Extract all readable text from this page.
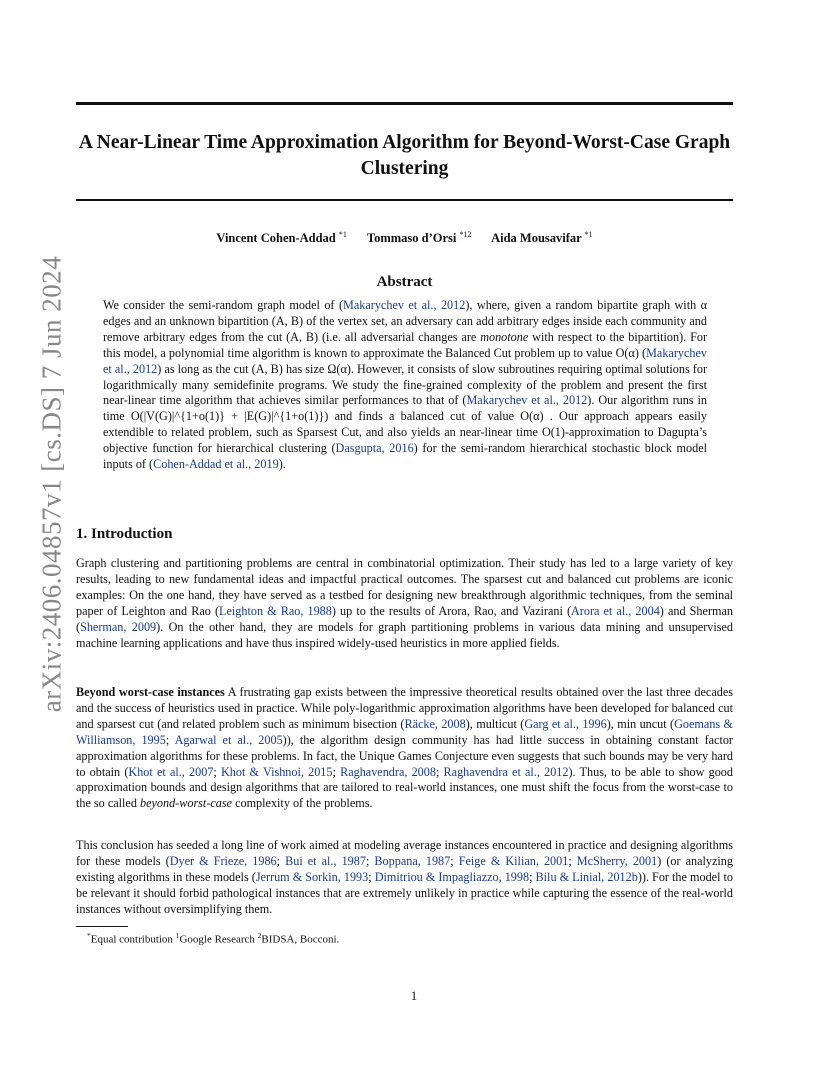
arXiv:2406.04857v1 [cs.DS] 7 Jun 2024
A Near-Linear Time Approximation Algorithm for Beyond-Worst-Case Graph
Clustering
Vincent Cohen-Addad $^{*1}$ Tommaso d’Orsi $^{*12}$ Aida Mousavifar $^{*1}$
Abstract
We consider the semi-random graph model of (Makarychev et al., 2012), where, given a random bipartite graph with α edges and an unknown bipartition (A, B) of the vertex set, an adversary can add arbitrary edges inside each community and remove arbitrary edges from the cut (A, B) (i.e. all adversarial changes are monotone with respect to the bipartition). For this model, a polynomial time algorithm is known to approximate the Balanced Cut problem up to value O(α) (Makarychev et al., 2012) as long as the cut (A, B) has size Ω(α). However, it consists of slow subroutines requiring optimal solutions for logarithmically many semidefinite programs. We study the fine-grained complexity of the problem and present the first near-linear time algorithm that achieves similar performances to that of (Makarychev et al., 2012). Our algorithm runs in time O(|V(G)|^{1+o(1)} + |E(G)|^{1+o(1)}) and finds a balanced cut of value O(α) . Our approach appears easily extendible to related problem, such as Sparsest Cut, and also yields an near-linear time O(1)-approximation to Dagupta’s objective function for hierarchical clustering (Dasgupta, 2016) for the semi-random hierarchical stochastic block model inputs of (Cohen-Addad et al., 2019).
1. Introduction
Graph clustering and partitioning problems are central in combinatorial optimization. Their study has led to a large variety of key results, leading to new fundamental ideas and impactful practical outcomes. The sparsest cut and balanced cut problems are iconic examples: On the one hand, they have served as a testbed for designing new breakthrough algorithmic techniques, from the seminal paper of Leighton and Rao (Leighton & Rao, 1988) up to the results of Arora, Rao, and Vazirani (Arora et al., 2004) and Sherman (Sherman, 2009). On the other hand, they are models for graph partitioning problems in various data mining and unsupervised machine learning applications and have thus inspired widely-used heuristics in more applied fields.
Beyond worst-case instances A frustrating gap exists between the impressive theoretical results obtained over the last three decades and the success of heuristics used in practice. While poly-logarithmic approximation algorithms have been developed for balanced cut and sparsest cut (and related problem such as minimum bisection (Räcke, 2008), multicut (Garg et al., 1996), min uncut (Goemans & Williamson, 1995; Agarwal et al., 2005)), the algorithm design community has had little success in obtaining constant factor approximation algorithms for these problems. In fact, the Unique Games Conjecture even suggests that such bounds may be very hard to obtain (Khot et al., 2007; Khot & Vishnoi, 2015; Raghavendra, 2008; Raghavendra et al., 2012). Thus, to be able to show good approximation bounds and design algorithms that are tailored to real-world instances, one must shift the focus from the worst-case to the so called beyond-worst-case complexity of the problems.
This conclusion has seeded a long line of work aimed at modeling average instances encountered in practice and designing algorithms for these models (Dyer & Frieze, 1986; Bui et al., 1987; Boppana, 1987; Feige & Kilian, 2001; McSherry, 2001) (or analyzing existing algorithms in these models (Jerrum & Sorkin, 1993; Dimitriou & Impagliazzo, 1998; Bilu & Linial, 2012b)). For the model to be relevant it should forbid pathological instances that are extremely unlikely in practice while capturing the essence of the real-world instances without oversimplifying them.
*Equal contribution $^1$Google Research $^2$BIDSA, Bocconi.
1
